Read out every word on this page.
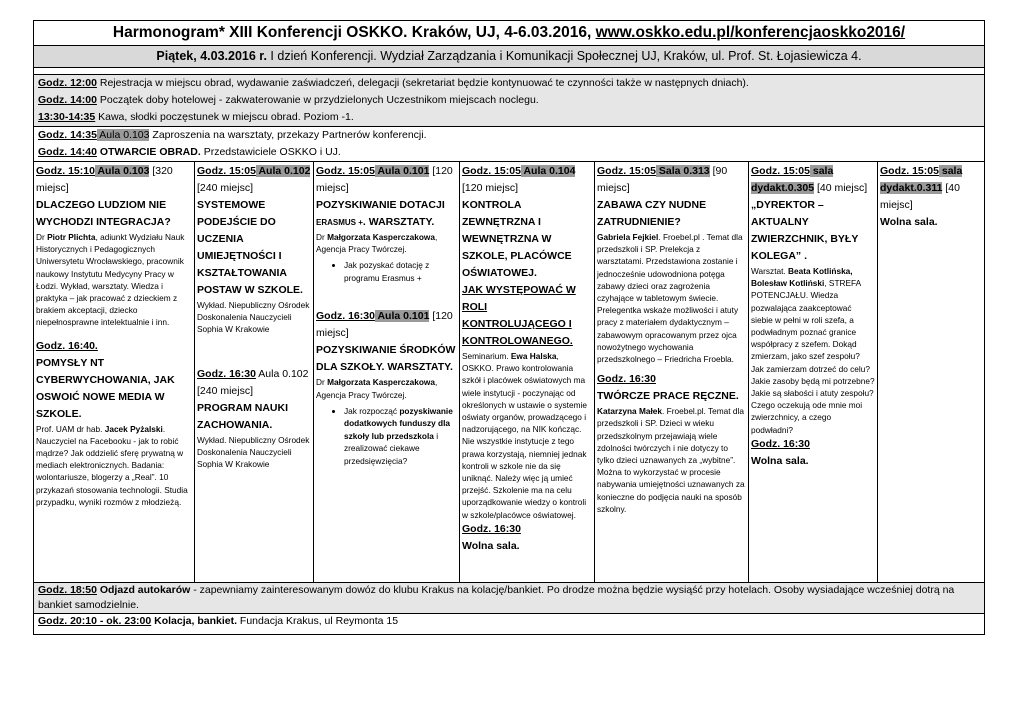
Harmonogram* XIII Konferencji OSKKO. Kraków, UJ, 4-6.03.2016, www.oskko.edu.pl/konferencjaoskko2016/
Piątek, 4.03.2016 r. I dzień Konferencji. Wydział Zarządzania i Komunikacji Społecznej UJ, Kraków, ul. Prof. St. Łojasiewicza 4.
Godz. 12:00 Rejestracja w miejscu obrad, wydawanie zaświadczeń, delegacji (sekretariat będzie kontynuować te czynności także w następnych dniach).
Godz. 14:00 Początek doby hotelowej - zakwaterowanie w przydzielonych Uczestnikom miejscach noclegu.
13:30-14:35 Kawa, słodki poczęstunek w miejscu obrad. Poziom -1.
Godz. 14:35 Aula 0.103 Zaproszenia na warsztaty, przekazy Partnerów konferencji.
Godz. 14:40 OTWARCIE OBRAD. Przedstawiciele OSKKO i UJ.
Godz. 15:10 Aula 0.103 [320 miejsc]
DLACZEGO LUDZIOM NIE WYCHODZI INTEGRACJA?
Dr Piotr Plichta, adiunkt Wydziału Nauk Historycznych i Pedagogicznych Uniwersytetu Wrocławskiego, pracownik naukowy Instytutu Medycyny Pracy w Łodzi. Wykład, warsztaty. Wiedza i praktyka – jak pracować z dzieckiem z brakiem akceptacji, dziecko niepełnosprawne intelektualnie i inn.
Godz. 16:40.
POMYSŁY NT CYBERWYCHOWANIA, JAK OSWOIĆ NOWE MEDIA W SZKOLE.
Prof. UAM dr hab. Jacek Pyżalski. Nauczyciel na Facebooku - jak to robić mądrze? Jak oddzielić sferę prywatną w mediach elektronicznych. Badania: wolontariusze, blogerzy a „Real”. 10 przykazań stosowania technologii. Studia przypadku, wyniki rozmów z młodzieżą.
Godz. 15:05 Aula 0.102 [240 miejsc]
SYSTEMOWE PODEJŚCIE DO UCZENIA UMIEJĘTNOŚCI I KSZTAŁTOWANIA POSTAW W SZKOLE.
Wykład. Niepubliczny Ośrodek Doskonalenia Nauczycieli Sophia W Krakowie
Godz. 16:30 Aula 0.102 [240 miejsc]
PROGRAM NAUKI ZACHOWANIA.
Wykład. Niepubliczny Ośrodek Doskonalenia Nauczycieli Sophia W Krakowie
Godz. 15:05 Aula 0.101 [120 miejsc]
POZYSKIWANIE DOTACJI
ERASMUS +. WARSZTATY.
Dr Małgorzata Kasperczakowa, Agencja Pracy Twórczej.
• Jak pozyskać dotację z programu Erasmus +
Godz. 16:30 Aula 0.101 [120 miejsc]
POZYSKIWANIE ŚRODKÓW DLA SZKOŁY. WARSZTATY.
Dr Małgorzata Kasperczakowa, Agencja Pracy Twórczej.
• Jak rozpocząć pozyskiwanie dodatkowych funduszy dla szkoły lub przedszkola i zrealizować ciekawe przedsięwzięcia?
Godz. 15:05 Aula 0.104 [120 miejsc]
KONTROLA ZEWNĘTRZNA I WEWNĘTRZNA W SZKOLE, PLACÓWCE OŚWIATOWEJ.
JAK WYSTĘPOWAĆ W ROLI KONTROLUJĄCEGO I KONTROLOWANEGO.
Seminarium. Ewa Halska, OSKKO. Prawo kontrolowania szkół i placówek oświatowych ma wiele instytucji - poczynając od określonych w ustawie o systemie oświaty organów, prowadzącego i nadzorującego, na NIK kończąc. Nie wszystkie instytucje z tego prawa korzystają, niemniej jednak kontroli w szkole nie da się uniknąć. Należy więc ją umieć przejść. Szkolenie ma na celu uporządkowanie wiedzy o kontroli w szkole/placówce oświatowej.
Godz. 16:30
Wolna sala.
Godz. 15:05 Sala 0.313 [90 miejsc]
ZABAWA CZY NUDNE ZATRUDNIENIE?
Gabriela Fejkiel. Froebel.pl . Temat dla przedszkoli i SP. Prelekcja z warsztatami. Przedstawiona zostanie i jednocześnie udowodniona potęga zabawy dzieci oraz zagrożenia czyhające w tabletowym świecie. Prelegentka wskaże możliwości i atuty pracy z materiałem dydaktycznym – zabawowym opracowanym przez ojca nowożytnego wychowania przedszkolnego – Friedricha Froebla.
Godz. 16:30
TWÓRCZE PRACE RĘCZNE.
Katarzyna Małek. Froebel.pl. Temat dla przedszkoli i SP. Dzieci w wieku przedszkolnym przejawiają wiele zdolności twórczych i nie dotyczy to tylko dzieci uznawanych za „wybitne”. Można to wykorzystać w procesie nabywania umiejętności uznawanych za konieczne do podjęcia nauki na sposób szkolny.
Godz. 15:05 sala dydakt.0.305 [40 miejsc]
„DYREKTOR – AKTUALNY ZWIERZCHNIK, BYŁY KOLEGA” .
Warsztat. Beata Kotlińska, Bolesław Kotliński, STREFA POTENCJAŁU. Wiedza pozwalająca zaakceptować siebie w pełni w roli szefa, a podwładnym poznać granice współpracy z szefem. Dokąd zmierzam, jako szef zespołu? Jak zamierzam dotrzeć do celu? Jakie zasoby będą mi potrzebne? Jakie są słabości i atuty zespołu? Czego oczekują ode mnie moi zwierzchnicy, a czego podwładni?
Godz. 16:30
Wolna sala.
Godz. 15:05 sala dydakt.0.311 [40 miejsc]
Wolna sala.
Godz. 18:50 Odjazd autokarów - zapewniamy zainteresowanym dowóz do klubu Krakus na kolację/bankiet. Po drodze można będzie wysiąść przy hotelach. Osoby wysiadające wcześniej dotrą na bankiet samodzielnie.
Godz. 20:10 - ok. 23:00 Kolacja, bankiet. Fundacja Krakus, ul Reymonta 15
